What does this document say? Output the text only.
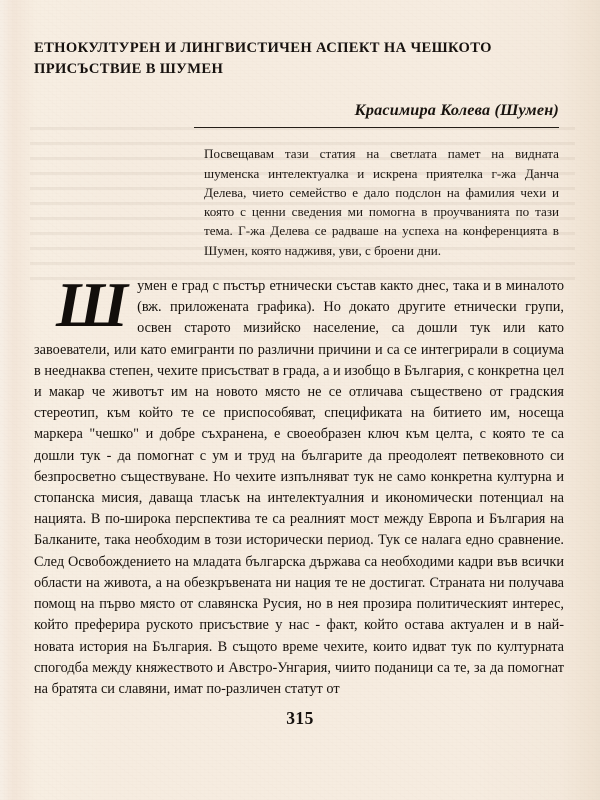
ЕТНОКУЛТУРЕН И ЛИНГВИСТИЧЕН АСПЕКТ НА ЧЕШКОТО
ПРИСЪСТВИЕ В ШУМЕН
Красимира Колева (Шумен)
Посвещавам тази статия на светлата памет на видната шуменска интелектуалка и искрена приятелка г-жа Данча Делева, чието семейство е дало подслон на фамилия чехи и която с ценни сведения ми помогна в проучванията по тази тема. Г-жа Делева се радваше на успеха на конференцията в Шумен, която надживя, уви, с броени дни.

Шумен е град с пъстър етнически състав както днес, така и в миналото (вж. приложената графика). Но докато другите етнически групи, освен старото мизийско население, са дошли тук или като завоеватели, или като емигранти по различни причини и са се интегрирали в социума в нееднаква степен, чехите присъстват в града, а и изобщо в България, с конкретна цел и макар че животът им на новото място не се отличава съществено от градския стереотип, към който те се приспособяват, спецификата на битието им, носеща маркера "чешко" и добре съхранена, е своеобразен ключ към целта, с която те са дошли тук - да помогнат с ум и труд на българите да преодолеят петвековното си безпросветно съществуване. Но чехите изпълняват тук не само конкретна културна и стопанска мисия, даваща тласък на интелектуалния и икономически потенциал на нацията. В по-широка перспектива те са реалният мост между Европа и България на Балканите, така необходим в този исторически период. Тук се налага едно сравнение. След Освобождението на младата българска държава са необходими кадри във всички области на живота, а на обезкръвената ни нация те не достигат. Страната ни получава помощ на първо място от славянска Русия, но в нея прозира политическият интерес, който преферира руското присъствие у нас - факт, който остава актуален и в най-новата история на България. В същото време чехите, които идват тук по културната спогодба между княжеството и Австро-Унгария, чиито поданици са те, за да помогнат на братята си славяни, имат по-различен статут от

315
